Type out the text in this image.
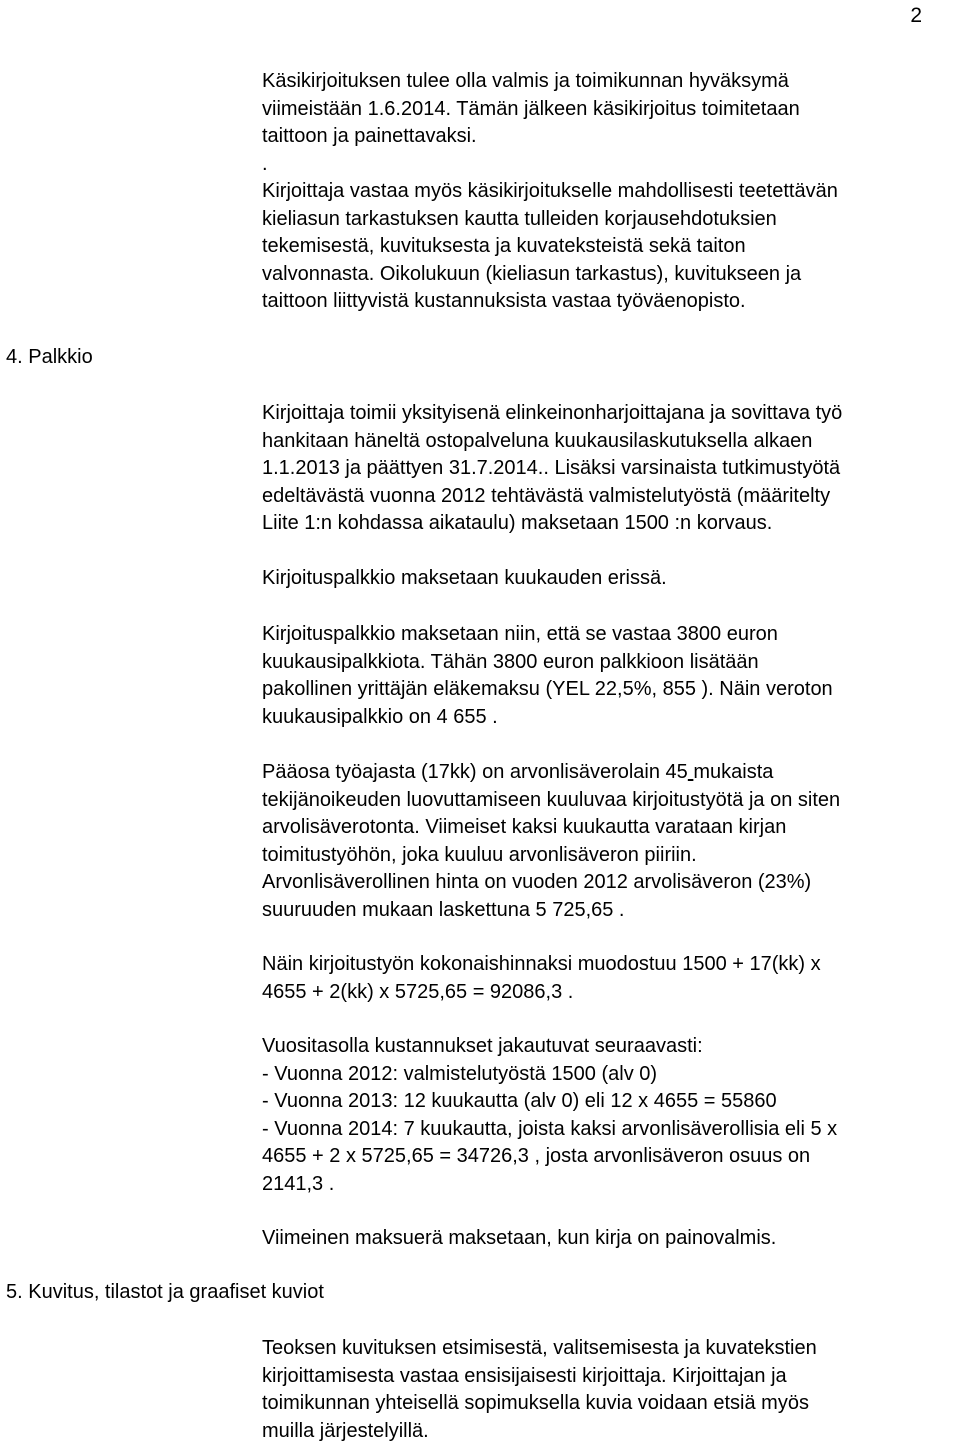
2
4. Palkkio
5. Kuvitus, tilastot ja graafiset kuviot
Käsikirjoituksen tulee olla valmis ja toimikunnan hyväksymä
viimeistään 1.6.2014. Tämän jälkeen käsikirjoitus toimitetaan
taittoon ja painettavaksi.
.
Kirjoittaja vastaa myös käsikirjoitukselle mahdollisesti teetettävän
kieliasun tarkastuksen kautta tulleiden korjausehdotuksien
tekemisestä, kuvituksesta ja kuvateksteistä sekä taiton
valvonnasta. Oikolukuun (kieliasun tarkastus), kuvitukseen ja
taittoon liittyvistä kustannuksista vastaa työväenopisto.
Kirjoittaja toimii yksityisenä elinkeinonharjoittajana ja sovittava työ
hankitaan häneltä ostopalveluna kuukausilaskutuksella alkaen
1.1.2013 ja päättyen 31.7.2014.. Lisäksi varsinaista tutkimustyötä
edeltävästä vuonna 2012 tehtävästä valmistelutyöstä (määritelty
Liite 1:n kohdassa aikataulu) maksetaan 1500 :n korvaus.
Kirjoituspalkkio maksetaan kuukauden erissä.
Kirjoituspalkkio maksetaan niin, että se vastaa 3800 euron
kuukausipalkkiota. Tähän 3800 euron palkkioon lisätään
pakollinen yrittäjän eläkemaksu (YEL 22,5%, 855 ). Näin veroton
kuukausipalkkio on 4 655 .
Pääosa työajasta (17kk) on arvonlisäverolain 45 mukaista
tekijänoikeuden luovuttamiseen kuuluvaa kirjoitustyötä ja on siten
arvolisäverotonta. Viimeiset kaksi kuukautta varataan kirjan
toimitustyöhön, joka kuuluu arvonlisäveron piiriin.
Arvonlisäverollinen hinta on vuoden 2012 arvolisäveron (23%)
suuruuden mukaan laskettuna 5 725,65 .
Näin kirjoitustyön kokonaishinnaksi muodostuu 1500 + 17(kk) x
4655 + 2(kk) x 5725,65 = 92086,3 .
Vuositasolla kustannukset jakautuvat seuraavasti:
- Vuonna 2012: valmistelutyöstä 1500 (alv 0)
- Vuonna 2013: 12 kuukautta (alv 0) eli 12 x 4655 = 55860
- Vuonna 2014: 7 kuukautta, joista kaksi arvonlisäverollisia eli 5 x
4655 + 2 x 5725,65 = 34726,3 , josta arvonlisäveron osuus on
2141,3 .
Viimeinen maksuerä maksetaan, kun kirja on painovalmis.
Teoksen kuvituksen etsimisestä, valitsemisesta ja kuvatekstien
kirjoittamisesta vastaa ensisijaisesti kirjoittaja. Kirjoittajan ja
toimikunnan yhteisellä sopimuksella kuvia voidaan etsiä myös
muilla järjestelyillä.
